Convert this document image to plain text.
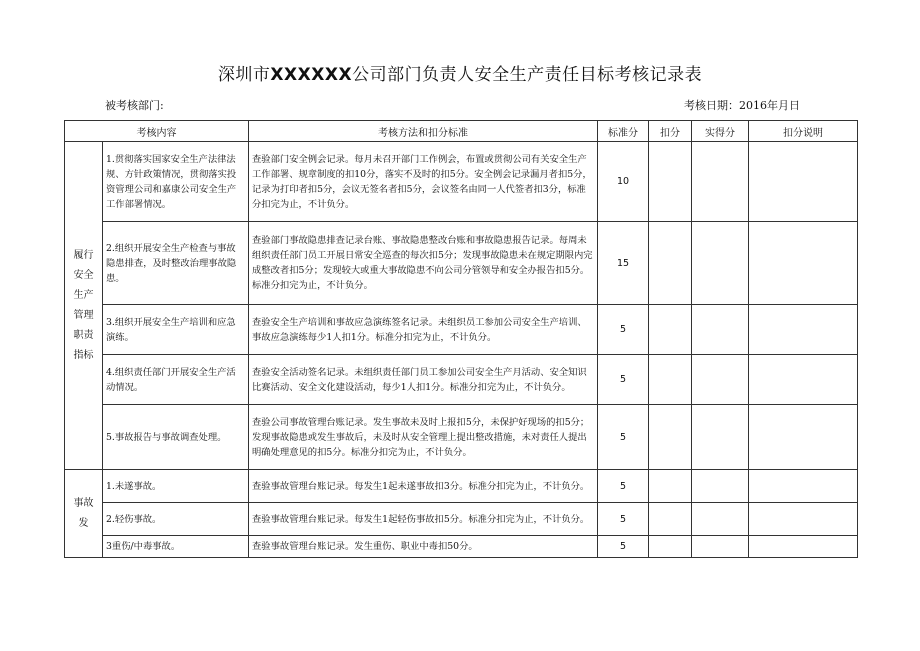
深圳市XXXXXX公司部门负责人安全生产责任目标考核记录表
被考核部门:	考核日期：2016年月日
考核内容		考核方法和扣分标准	标准分	扣分	实得分	扣分说明
履行安全生产管理职责指标	1.贯彻落实国家安全生产法律法规、方针政策情况，贯彻落实投资管理公司和嘉康公司安全生产工作部署情况。	查验部门安全例会记录。每月未召开部门工作例会，布置或贯彻公司有关安全生产工作部署、规章制度的扣10分，落实不及时的扣5分。安全例会记录漏月者扣5分，记录为打印者扣5分，会议无签名者扣5分，会议签名由同一人代签者扣3分，标准分扣完为止，不计负分。	10			
	2.组织开展安全生产检查与事故隐患排查，及时整改治理事故隐患。	查验部门事故隐患排查记录台账、事故隐患整改台账和事故隐患报告记录。每周未组织责任部门员工开展日常安全巡查的每次扣5分；发现事故隐患未在规定期限内完成整改者扣5分；发现较大或重大事故隐患不向公司分管领导和安全办报告扣5分。标准分扣完为止，不计负分。	15			
	3.组织开展安全生产培训和应急演练。	查验安全生产培训和事故应急演练签名记录。未组织员工参加公司安全生产培训、事故应急演练每少1人扣1分。标准分扣完为止，不计负分。	5			
	4.组织责任部门开展安全生产活动情况。	查验安全活动签名记录。未组织责任部门员工参加公司安全生产月活动、安全知识比赛活动、安全文化建设活动，每少1人扣1分。标准分扣完为止，不计负分。	5			
	5.事故报告与事故调查处理。	查验公司事故管理台账记录。发生事故未及时上报扣5分，未保护好现场的扣5分；发现事故隐患或发生事故后，未及时从安全管理上提出整改措施，未对责任人提出明确处理意见的扣5分。标准分扣完为止，不计负分。	5			
事故发	1.未遂事故。	查验事故管理台账记录。每发生1起未遂事故扣3分。标准分扣完为止，不计负分。	5			
	2.轻伤事故。	查验事故管理台账记录。每发生1起轻伤事故扣5分。标准分扣完为止，不计负分。	5			
	3重伤/中毒事故。	查验事故管理台账记录。发生重伤、职业中毒扣50分。	5			
